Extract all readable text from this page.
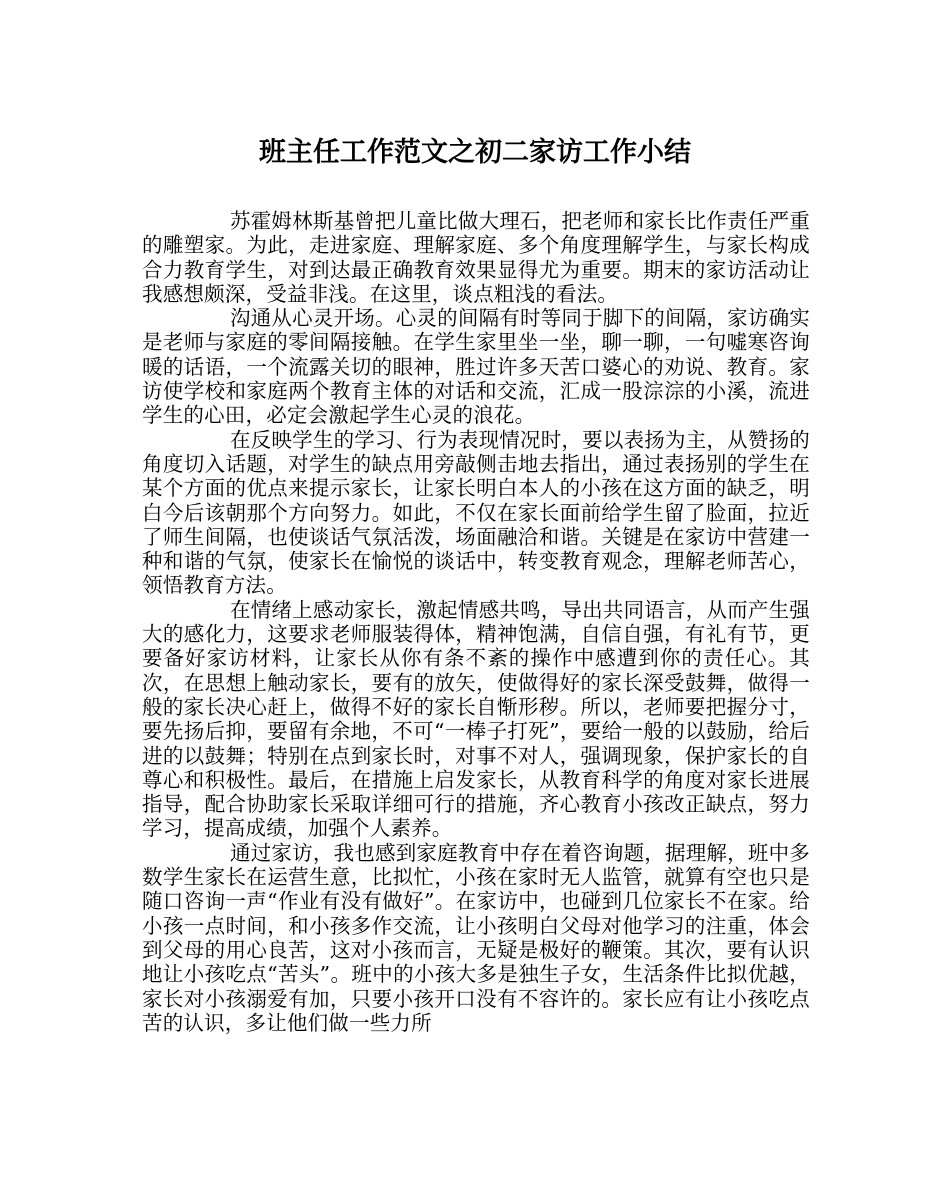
班主任工作范文之初二家访工作小结

苏霍姆林斯基曾把儿童比做大理石，把老师和家长比作责任严重的雕塑家。为此，走进家庭、理解家庭、多个角度理解学生，与家长构成合力教育学生，对到达最正确教育效果显得尤为重要。期末的家访活动让我感想颇深，受益非浅。在这里，谈点粗浅的看法。

沟通从心灵开场。心灵的间隔有时等同于脚下的间隔，家访确实是老师与家庭的零间隔接触。在学生家里坐一坐，聊一聊，一句嘘寒咨询暖的话语，一个流露关切的眼神，胜过许多天苦口婆心的劝说、教育。家访使学校和家庭两个教育主体的对话和交流，汇成一股淙淙的小溪，流进学生的心田，必定会激起学生心灵的浪花。

在反映学生的学习、行为表现情况时，要以表扬为主，从赞扬的角度切入话题，对学生的缺点用旁敲侧击地去指出，通过表扬别的学生在某个方面的优点来提示家长，让家长明白本人的小孩在这方面的缺乏，明白今后该朝那个方向努力。如此，不仅在家长面前给学生留了脸面，拉近了师生间隔，也使谈话气氛活泼，场面融洽和谐。关键是在家访中营建一种和谐的气氛，使家长在愉悦的谈话中，转变教育观念，理解老师苦心，领悟教育方法。

在情绪上感动家长，激起情感共鸣，导出共同语言，从而产生强大的感化力，这要求老师服装得体，精神饱满，自信自强，有礼有节，更要备好家访材料，让家长从你有条不紊的操作中感遭到你的责任心。其次，在思想上触动家长，要有的放矢，使做得好的家长深受鼓舞，做得一般的家长决心赶上，做得不好的家长自惭形秽。所以，老师要把握分寸，要先扬后抑，要留有余地，不可“一棒子打死”，要给一般的以鼓励，给后进的以鼓舞；特别在点到家长时，对事不对人，强调现象，保护家长的自尊心和积极性。最后，在措施上启发家长，从教育科学的角度对家长进展指导，配合协助家长采取详细可行的措施，齐心教育小孩改正缺点，努力学习，提高成绩，加强个人素养。

通过家访，我也感到家庭教育中存在着咨询题，据理解，班中多数学生家长在运营生意，比拟忙，小孩在家时无人监管，就算有空也只是随口咨询一声“作业有没有做好”。在家访中，也碰到几位家长不在家。给小孩一点时间，和小孩多作交流，让小孩明白父母对他学习的注重，体会到父母的用心良苦，这对小孩而言，无疑是极好的鞭策。其次，要有认识地让小孩吃点“苦头”。班中的小孩大多是独生子女，生活条件比拟优越，家长对小孩溺爱有加，只要小孩开口没有不容许的。家长应有让小孩吃点苦的认识，多让他们做一些力所
